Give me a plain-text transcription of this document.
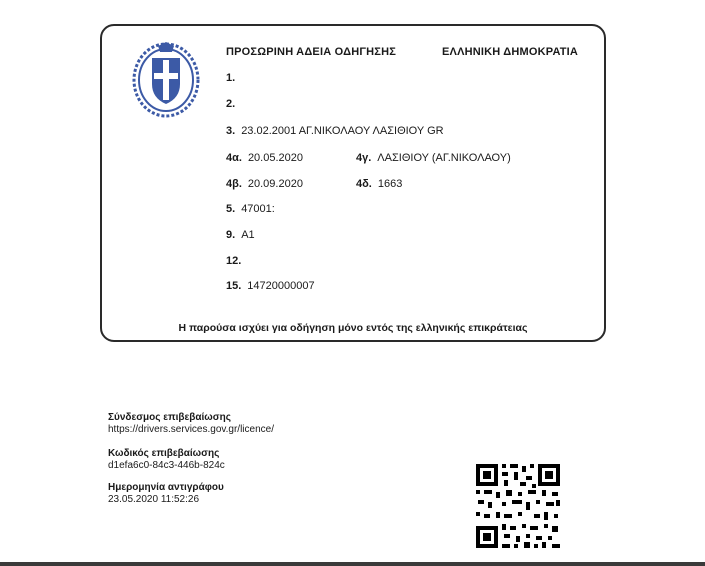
ΠΡΟΣΩΡΙΝΗ ΑΔΕΙΑ ΟΔΗΓΗΣΗΣ	ΕΛΛΗΝΙΚΗ ΔΗΜΟΚΡΑΤΙΑ
1.
2.
3. 23.02.2001 ΑΓ.ΝΙΚΟΛΑΟΥ ΛΑΣΙΘΙΟΥ GR
4α. 20.05.2020	4γ. ΛΑΣΙΘΙΟΥ (ΑΓ.ΝΙΚΟΛΑΟΥ)
4β. 20.09.2020	4δ. 1663
5. 47001:
9. A1
12.
15. 14720000007
Η παρούσα ισχύει για οδήγηση μόνο εντός της ελληνικής επικράτειας
Σύνδεσμος επιβεβαίωσης
https://drivers.services.gov.gr/licence/
Κωδικός επιβεβαίωσης
d1efa6c0-84c3-446b-824c
Ημερομηνία αντιγράφου
23.05.2020 11:52:26
